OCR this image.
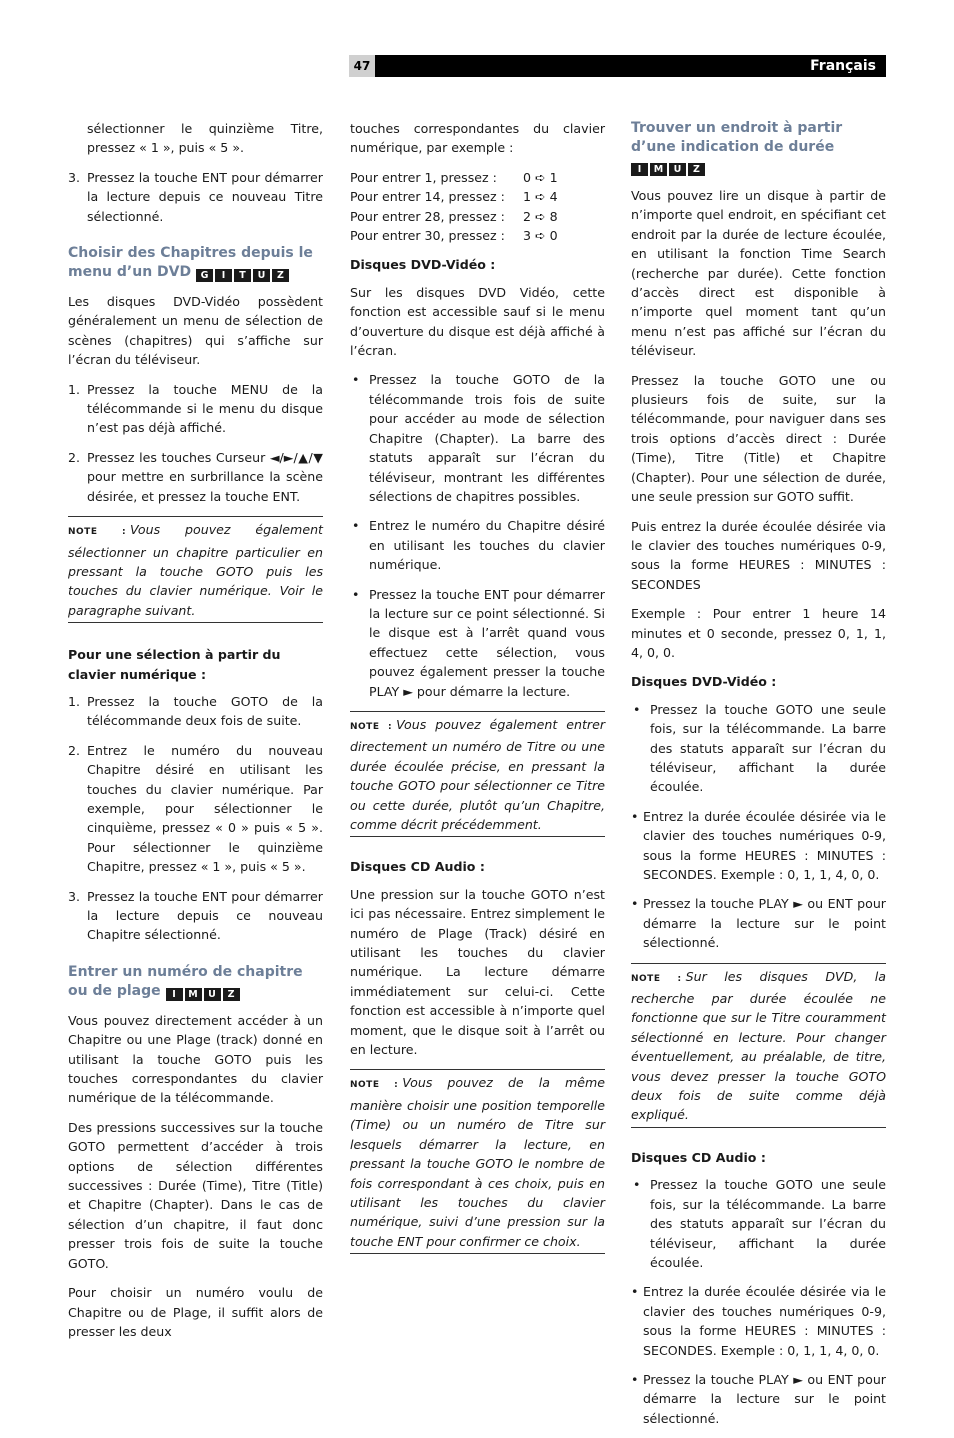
Français
47

sélectionner le quinzième Titre, pressez « 1 », puis « 5 ».

3. Pressez la touche ENT pour démarrer la lecture depuis ce nouveau Titre sélectionné.
Choisir des Chapitres depuis le menu d’un DVD G I T U Z

Les disques DVD-Vidéo possèdent généralement un menu de sélection de scènes (chapitres) qui s’affiche sur l’écran du téléviseur.

1. Pressez la touche MENU de la télécommande si le menu du disque n’est pas déjà affiché.
2. Pressez les touches Curseur ◄/►/▲/▼ pour mettre en surbrillance la scène désirée, et pressez la touche ENT.
NOTE : Vous pouvez également sélectionner un chapitre particulier en pressant la touche GOTO puis les touches du clavier numérique. Voir le paragraphe suivant.
Pour une sélection à partir du clavier numérique :
1. Pressez la touche GOTO de la télécommande deux fois de suite.
2. Entrez le numéro du nouveau Chapitre désiré en utilisant les touches du clavier numérique. Par exemple, pour sélectionner le cinquième, pressez « 0 » puis « 5 ». Pour sélectionner le quinzième Chapitre, pressez « 1 », puis « 5 ».
3. Pressez la touche ENT pour démarrer la lecture depuis ce nouveau Chapitre sélectionné.
Entrer un numéro de chapitre ou de plage I M U Z

Vous pouvez directement accéder à un Chapitre ou une Plage (track) donné en utilisant la touche GOTO puis les touches correspondantes du clavier numérique de la télécommande.

Des pressions successives sur la touche GOTO permettent d’accéder à trois options de sélection différentes successives : Durée (Time), Titre (Title) et Chapitre (Chapter). Dans le cas de sélection d’un chapitre, il faut donc presser trois fois de suite la touche GOTO.

Pour choisir un numéro voulu de Chapitre ou de Plage, il suffit alors de presser les deux

touches correspondantes du clavier numérique, par exemple :

Pour entrer 1, pressez :	0 ➪ 1
Pour entrer 14, pressez :	1 ➪ 4
Pour entrer 28, pressez :	2 ➪ 8
Pour entrer 30, pressez :	3 ➪ 0
Disques DVD-Vidéo :

Sur les disques DVD Vidéo, cette fonction est accessible sauf si le menu d’ouverture du disque est déjà affiché à l’écran.

• Pressez la touche GOTO de la télécommande trois fois de suite pour accéder au mode de sélection Chapitre (Chapter). La barre des statuts apparaît sur l’écran du téléviseur, montrant les différentes sélections de chapitres possibles.
• Entrez le numéro du Chapitre désiré en utilisant les touches du clavier numérique.
• Pressez la touche ENT pour démarrer la lecture sur ce point sélectionné. Si le disque est à l’arrêt quand vous effectuez cette sélection, vous pouvez également presser la touche PLAY ► pour démarre la lecture.
NOTE : Vous pouvez également entrer directement un numéro de Titre ou une durée écoulée précise, en pressant la touche GOTO pour sélectionner ce Titre ou cette durée, plutôt qu’un Chapitre, comme décrit précédemment.
Disques CD Audio :

Une pression sur la touche GOTO n’est ici pas nécessaire. Entrez simplement le numéro de Plage (Track) désiré en utilisant les touches du clavier numérique. La lecture démarre immédiatement sur celui-ci. Cette fonction est accessible à n’importe quel moment, que le disque soit à l’arrêt ou en lecture.

NOTE : Vous pouvez de la même manière choisir une position temporelle (Time) ou un numéro de Titre sur lesquels démarrer la lecture, en pressant la touche GOTO le nombre de fois correspondant à ces choix, puis en utilisant les touches du clavier numérique, suivi d’une pression sur la touche ENT pour confirmer ce choix.
Trouver un endroit à partir d’une indication de durée
I M U Z

Vous pouvez lire un disque à partir de n’importe quel endroit, en spécifiant cet endroit par la durée de lecture écoulée, en utilisant la fonction Time Search (recherche par durée). Cette fonction d’accès direct est disponible à n’importe quel moment tant qu’un menu n’est pas affiché sur l’écran du téléviseur.

Pressez la touche GOTO une ou plusieurs fois de suite, sur la télécommande, pour naviguer dans ses trois options d’accès direct : Durée (Time), Titre (Title) et Chapitre (Chapter). Pour une sélection de durée, une seule pression sur GOTO suffit.

Puis entrez la durée écoulée désirée via le clavier des touches numériques 0-9, sous la forme HEURES : MINUTES : SECONDES

Exemple : Pour entrer 1 heure 14 minutes et 0 seconde, pressez 0, 1, 1, 4, 0, 0.

Disques DVD-Vidéo :
• Pressez la touche GOTO une seule fois, sur la télécommande. La barre des statuts apparaît sur l’écran du téléviseur, affichant la durée écoulée.
• Entrez la durée écoulée désirée via le clavier des touches numériques 0-9, sous la forme HEURES : MINUTES : SECONDES. Exemple : 0, 1, 1, 4, 0, 0.
• Pressez la touche PLAY ► ou ENT pour démarre la lecture sur le point sélectionné.
NOTE : Sur les disques DVD, la recherche par durée écoulée ne fonctionne que sur le Titre couramment sélectionné en lecture. Pour changer éventuellement, au préalable, de titre, vous devez presser la touche GOTO deux fois de suite comme déjà expliqué.
Disques CD Audio :
• Pressez la touche GOTO une seule fois, sur la télécommande. La barre des statuts apparaît sur l’écran du téléviseur, affichant la durée écoulée.
• Entrez la durée écoulée désirée via le clavier des touches numériques 0-9, sous la forme HEURES : MINUTES : SECONDES. Exemple : 0, 1, 1, 4, 0, 0.
• Pressez la touche PLAY ► ou ENT pour démarre la lecture sur le point sélectionné.
